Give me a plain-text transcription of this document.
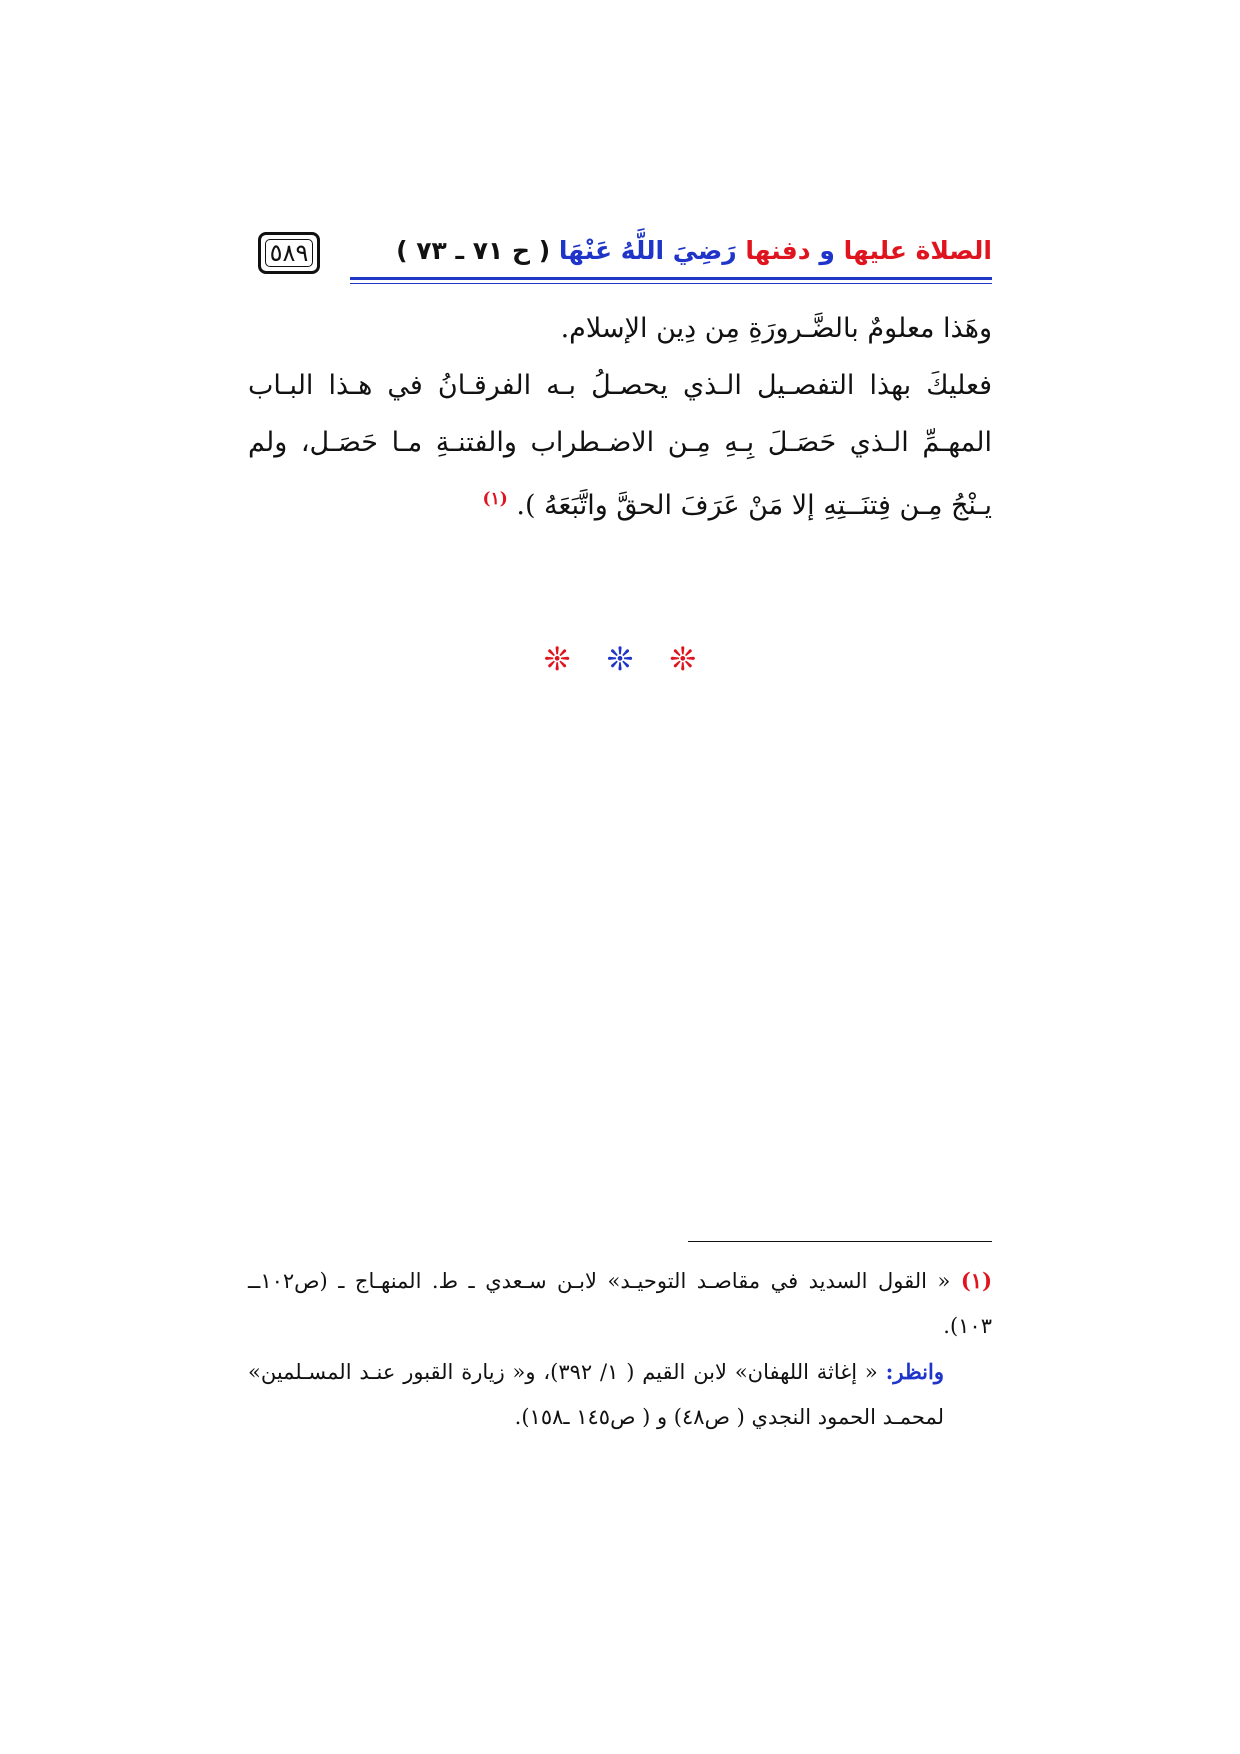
٥٨٩	الصلاة عليها و دفنها رَضِيَ اللَّهُ عَنْهَا ( ح ٧١ ـ ٧٣ )

وهَذا معلومٌ بالضَّـرورَةِ مِن دِين الإسلام.

فعليكَ بهذا التفصـيل الـذي يحصـلُ بـه الفرقـانُ في هـذا البـاب المهـمِّ الـذي حَصَـلَ بِـهِ مِـن الاضـطراب والفتنـةِ مـا حَصَـل، ولم يـنْجُ مِـن فِتنَــتِهِ إلا مَنْ عَرَفَ الحقَّ واتَّبَعَهُ ). $^{(١)}$

❊ ❊ ❊

(١) « القول السديد في مقاصـد التوحيـد» لابـن سـعدي ـ ط. المنهـاج ـ (ص١٠٢ــ ١٠٣).

وانظر: « إغاثة اللهفان» لابن القيم ( ١/ ٣٩٢)، و« زيارة القبور عنـد المسـلمين» لمحمـد الحمود النجدي ( ص٤٨) و ( ص١٤٥ ـ١٥٨).
